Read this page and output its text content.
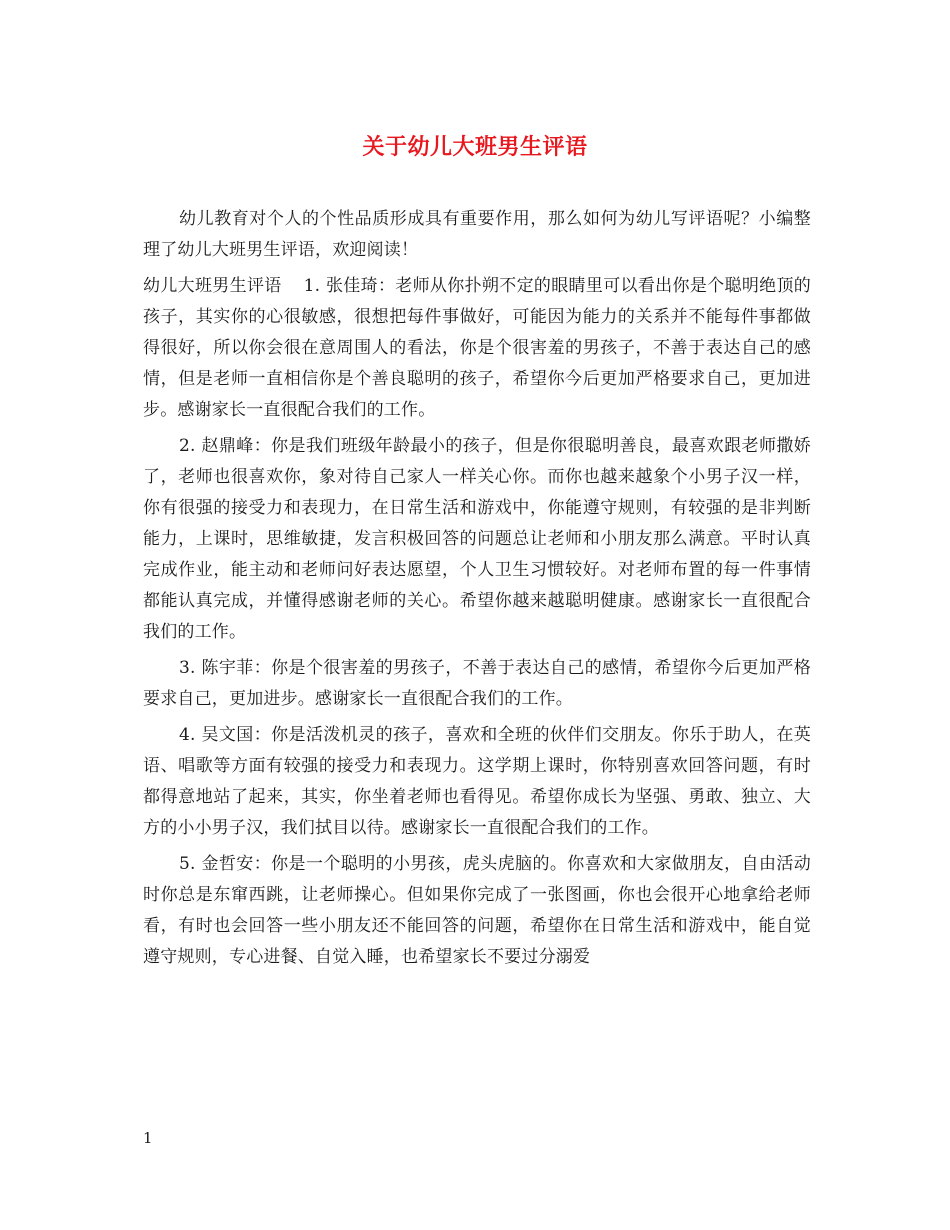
关于幼儿大班男生评语

幼儿教育对个人的个性品质形成具有重要作用，那么如何为幼儿写评语呢？小编整理了幼儿大班男生评语，欢迎阅读！

幼儿大班男生评语 1. 张佳琦：老师从你扑朔不定的眼睛里可以看出你是个聪明绝顶的孩子，其实你的心很敏感，很想把每件事做好，可能因为能力的关系并不能每件事都做得很好，所以你会很在意周围人的看法，你是个很害羞的男孩子，不善于表达自己的感情，但是老师一直相信你是个善良聪明的孩子，希望你今后更加严格要求自己，更加进步。感谢家长一直很配合我们的工作。

2. 赵鼎峰：你是我们班级年龄最小的孩子，但是你很聪明善良，最喜欢跟老师撒娇了，老师也很喜欢你，象对待自己家人一样关心你。而你也越来越象个小男子汉一样，你有很强的接受力和表现力，在日常生活和游戏中，你能遵守规则，有较强的是非判断能力，上课时，思维敏捷，发言积极回答的问题总让老师和小朋友那么满意。平时认真完成作业，能主动和老师问好表达愿望，个人卫生习惯较好。对老师布置的每一件事情都能认真完成，并懂得感谢老师的关心。希望你越来越聪明健康。感谢家长一直很配合我们的工作。

3. 陈宇菲：你是个很害羞的男孩子，不善于表达自己的感情，希望你今后更加严格要求自己，更加进步。感谢家长一直很配合我们的工作。

4. 吴文国：你是活泼机灵的孩子，喜欢和全班的伙伴们交朋友。你乐于助人，在英语、唱歌等方面有较强的接受力和表现力。这学期上课时，你特别喜欢回答问题，有时都得意地站了起来，其实，你坐着老师也看得见。希望你成长为坚强、勇敢、独立、大方的小小男子汉，我们拭目以待。感谢家长一直很配合我们的工作。

5. 金哲安：你是一个聪明的小男孩，虎头虎脑的。你喜欢和大家做朋友，自由活动时你总是东窜西跳，让老师操心。但如果你完成了一张图画，你也会很开心地拿给老师看，有时也会回答一些小朋友还不能回答的问题，希望你在日常生活和游戏中，能自觉遵守规则，专心进餐、自觉入睡，也希望家长不要过分溺爱

1
